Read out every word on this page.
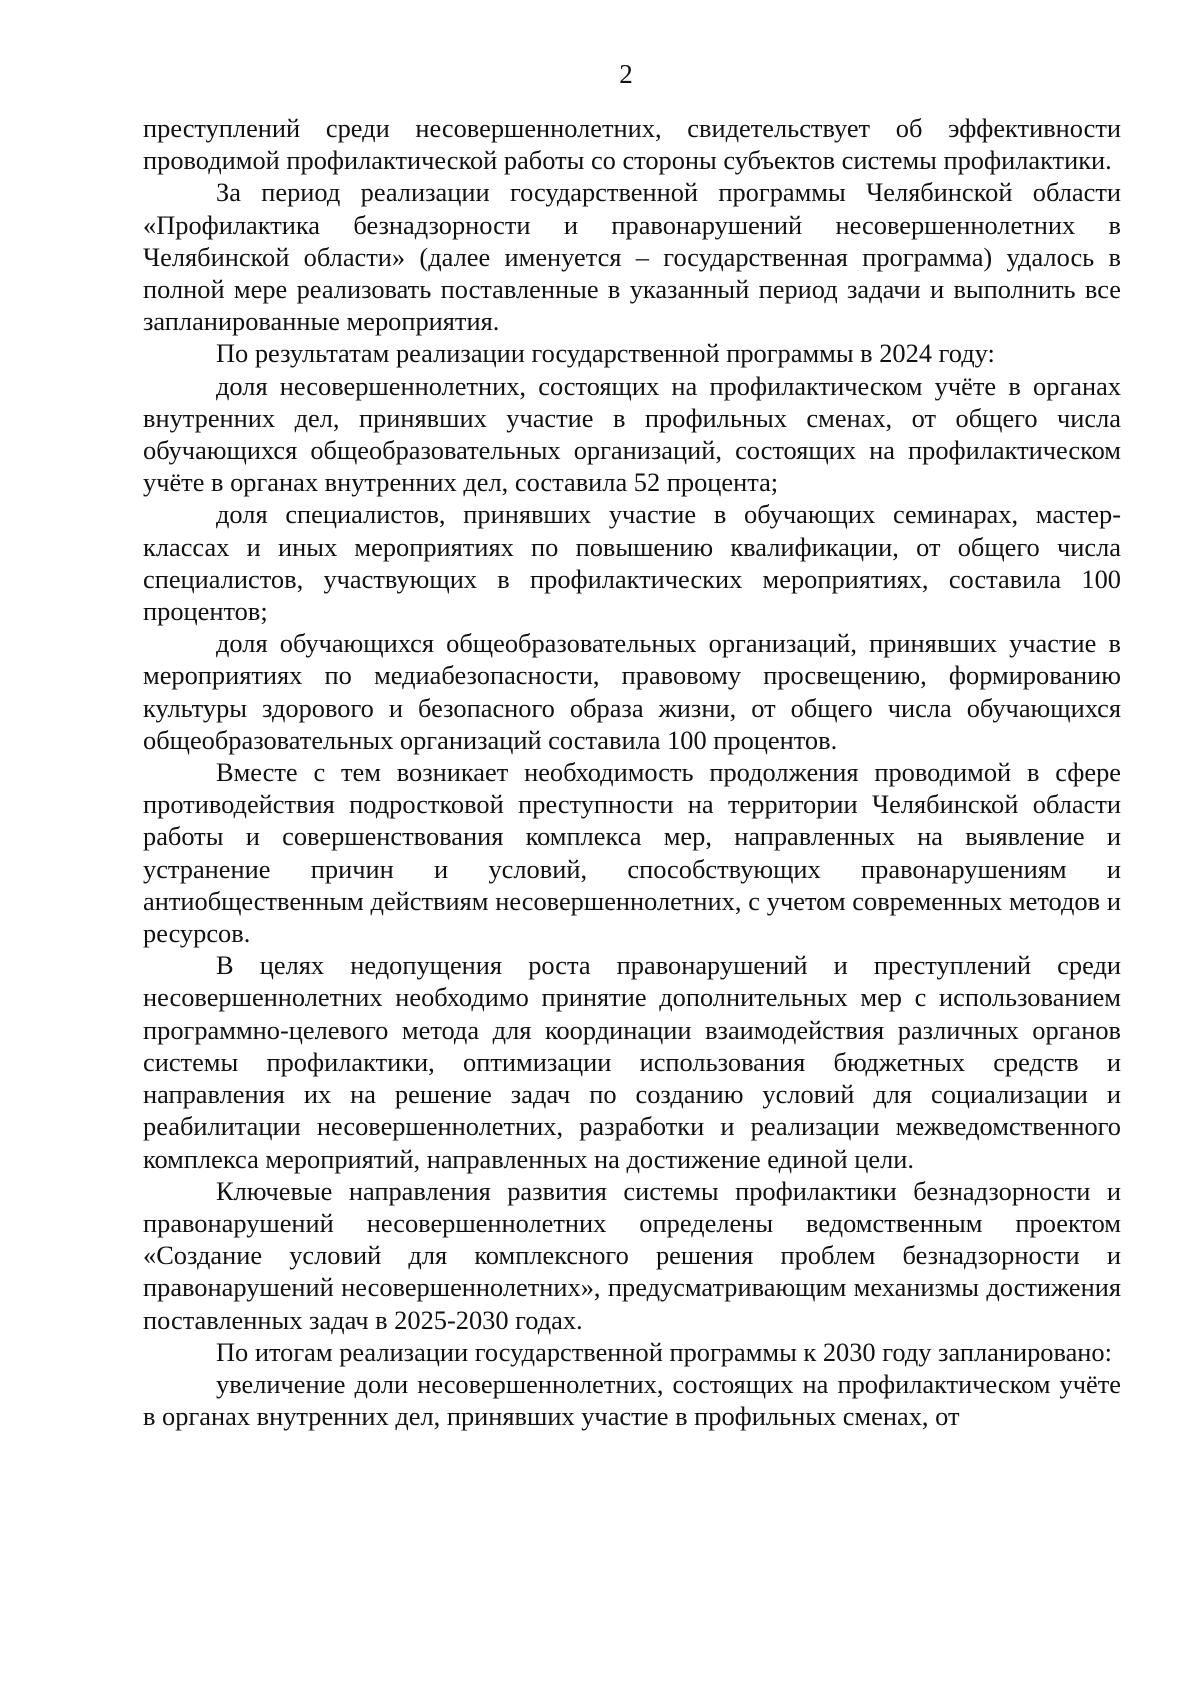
2

преступлений среди несовершеннолетних, свидетельствует об эффективности проводимой профилактической работы со стороны субъектов системы профилактики.

За период реализации государственной программы Челябинской области «Профилактика безнадзорности и правонарушений несовершеннолетних в Челябинской области» (далее именуется – государственная программа) удалось в полной мере реализовать поставленные в указанный период задачи и выполнить все запланированные мероприятия.

По результатам реализации государственной программы в 2024 году:

доля несовершеннолетних, состоящих на профилактическом учёте в органах внутренних дел, принявших участие в профильных сменах, от общего числа обучающихся общеобразовательных организаций, состоящих на профилактическом учёте в органах внутренних дел, составила 52 процента;

доля специалистов, принявших участие в обучающих семинарах, мастер-классах и иных мероприятиях по повышению квалификации, от общего числа специалистов, участвующих в профилактических мероприятиях, составила 100 процентов;

доля обучающихся общеобразовательных организаций, принявших участие в мероприятиях по медиабезопасности, правовому просвещению, формированию культуры здорового и безопасного образа жизни, от общего числа обучающихся общеобразовательных организаций составила 100 процентов.

Вместе с тем возникает необходимость продолжения проводимой в сфере противодействия подростковой преступности на территории Челябинской области работы и совершенствования комплекса мер, направленных на выявление и устранение причин и условий, способствующих правонарушениям и антиобщественным действиям несовершеннолетних, с учетом современных методов и ресурсов.

В целях недопущения роста правонарушений и преступлений среди несовершеннолетних необходимо принятие дополнительных мер с использованием программно-целевого метода для координации взаимодействия различных органов системы профилактики, оптимизации использования бюджетных средств и направления их на решение задач по созданию условий для социализации и реабилитации несовершеннолетних, разработки и реализации межведомственного комплекса мероприятий, направленных на достижение единой цели.

Ключевые направления развития системы профилактики безнадзорности и правонарушений несовершеннолетних определены ведомственным проектом «Создание условий для комплексного решения проблем безнадзорности и правонарушений несовершеннолетних», предусматривающим механизмы достижения поставленных задач в 2025-2030 годах.

По итогам реализации государственной программы к 2030 году запланировано:

увеличение доли несовершеннолетних, состоящих на профилактическом учёте в органах внутренних дел, принявших участие в профильных сменах, от
